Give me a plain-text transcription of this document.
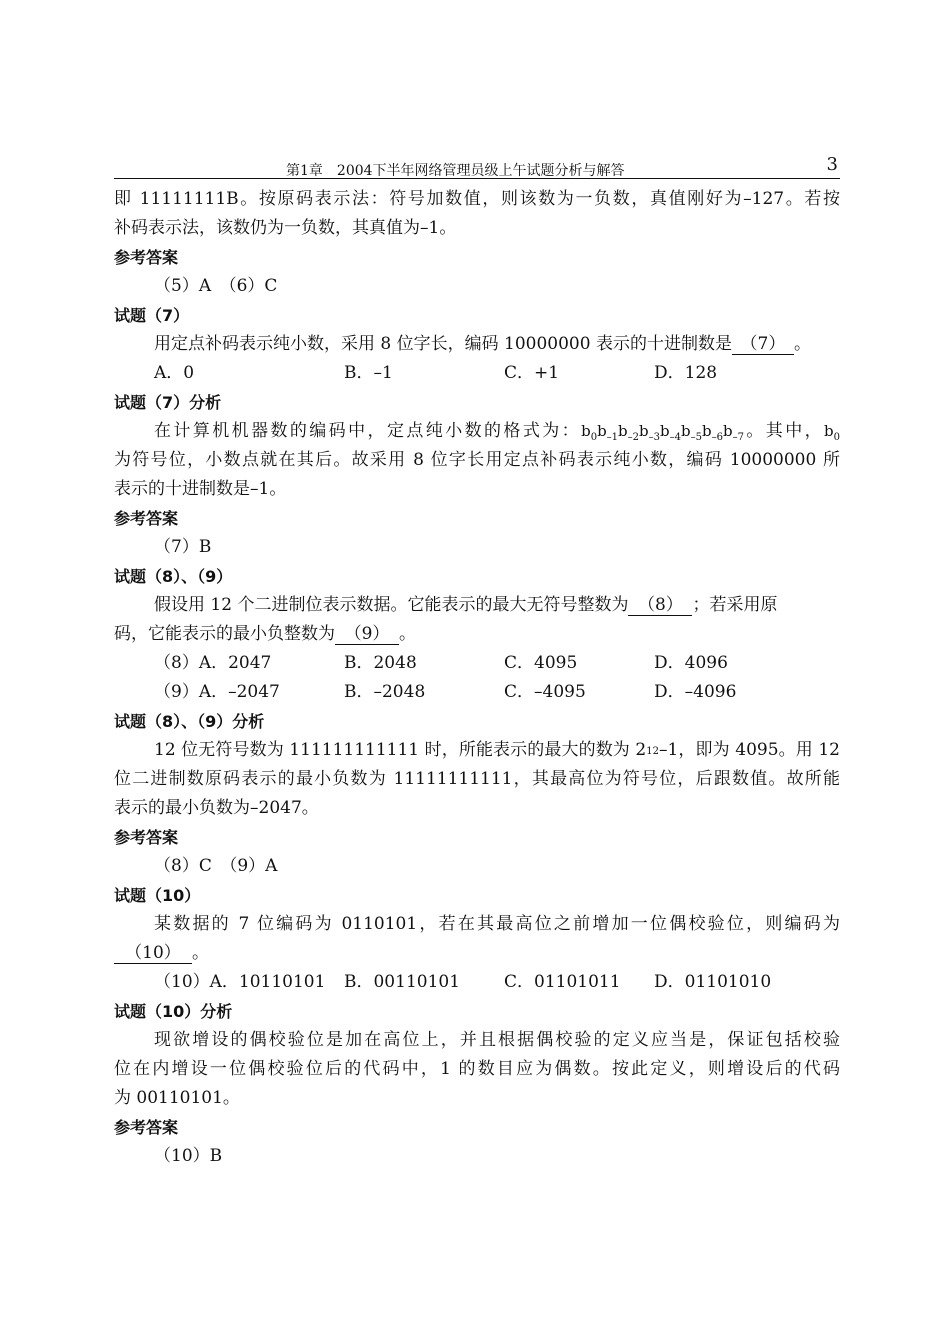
第1章　2004下半年网络管理员级上午试题分析与解答	3
即 11111111B。按原码表示法：符号加数值，则该数为一负数，真值刚好为–127。若按
补码表示法，该数仍为一负数，其真值为–1。
参考答案
（5）A　（6）C
试题（7）
用定点补码表示纯小数，采用 8 位字长，编码 10000000 表示的十进制数是 （7） 。
A．0	B．–1	C．+1	D．128
试题（7）分析
在计算机机器数的编码中，定点纯小数的格式为：$b_0b_{-1}b_{-2}b_{-3}b_{-4}b_{-5}b_{-6}b_{-7}$。其中，$b_0$
为符号位，小数点就在其后。故采用 8 位字长用定点补码表示纯小数，编码 10000000 所
表示的十进制数是–1。
参考答案
（7）B
试题（8）、（9）
假设用 12 个二进制位表示数据。它能表示的最大无符号整数为 （8） ；若采用原
码，它能表示的最小负整数为 （9） 。
（8）A．2047	B．2048	C．4095	D．4096
（9）A．–2047	B．–2048	C．–4095	D．–4096
试题（8）、（9）分析
12 位无符号数为 111111111111 时，所能表示的最大的数为 $2^{12}-1$，即为 4095。用 12
位二进制数原码表示的最小负数为 11111111111，其最高位为符号位，后跟数值。故所能
表示的最小负数为–2047。
参考答案
（8）C　（9）A
试题（10）
某数据的 7 位编码为 0110101，若在其最高位之前增加一位偶校验位，则编码为
（10） 。
（10）A．10110101 B．00110101	C．01101011 D．01101010
试题（10）分析
现欲增设的偶校验位是加在高位上，并且根据偶校验的定义应当是，保证包括校验
位在内增设一位偶校验位后的代码中，1 的数目应为偶数。按此定义，则增设后的代码
为 00110101。
参考答案
（10）B
